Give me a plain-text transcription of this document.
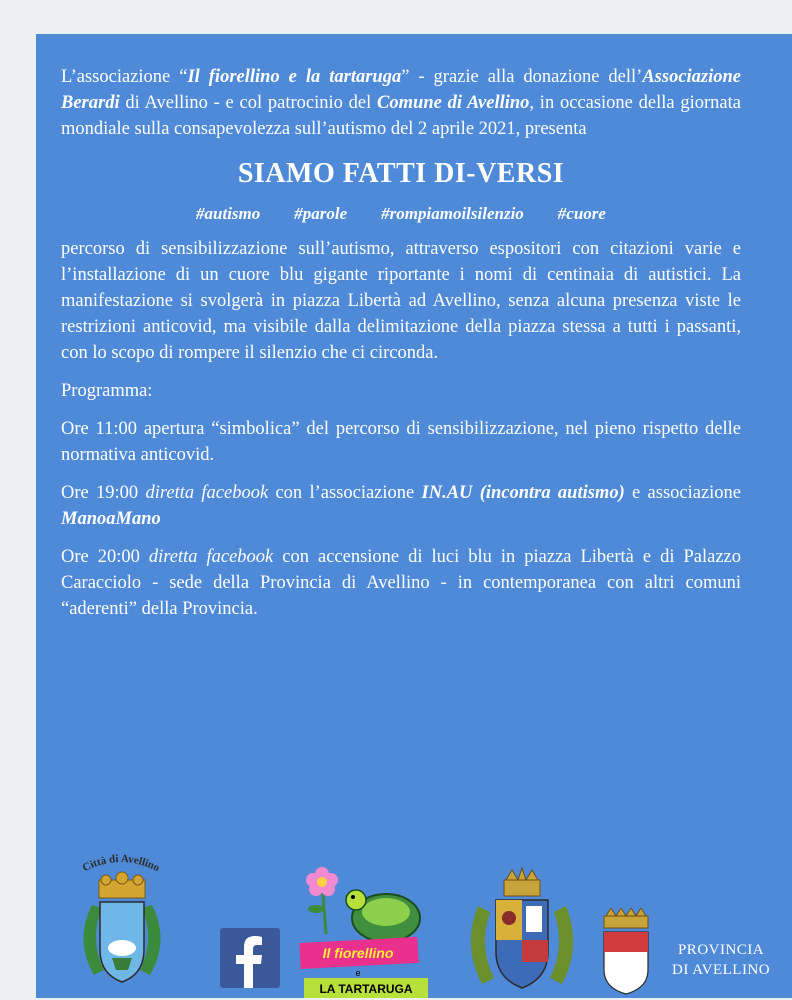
L’associazione “Il fiorellino e la tartaruga” - grazie alla donazione dell’Associazione Berardi di Avellino - e col patrocinio del Comune di Avellino, in occasione della giornata mondiale sulla consapevolezza sull’autismo del 2 aprile 2021, presenta

SIAMO FATTI DI-VERSI
#autismo #parole #rompiamoilsilenzio #cuore

percorso di sensibilizzazione sull’autismo, attraverso espositori con citazioni varie e l’installazione di un cuore blu gigante riportante i nomi di centinaia di autistici. La manifestazione si svolgerà in piazza Libertà ad Avellino, senza alcuna presenza viste le restrizioni anticovid, ma visibile dalla delimitazione della piazza stessa a tutti i passanti, con lo scopo di rompere il silenzio che ci circonda.

Programma:

Ore 11:00 apertura “simbolica” del percorso di sensibilizzazione, nel pieno rispetto delle normativa anticovid.

Ore 19:00 diretta facebook con l’associazione IN.AU (incontra autismo) e associazione ManoaMano

Ore 20:00 diretta facebook con accensione di luci blu in piazza Libertà e di Palazzo Caracciolo - sede della Provincia di Avellino - in contemporanea con altri comuni “aderenti” della Provincia.

Città di Avellino
Il fiorellino
e
LA TARTARUGA
PROVINCIA
DI AVELLINO
